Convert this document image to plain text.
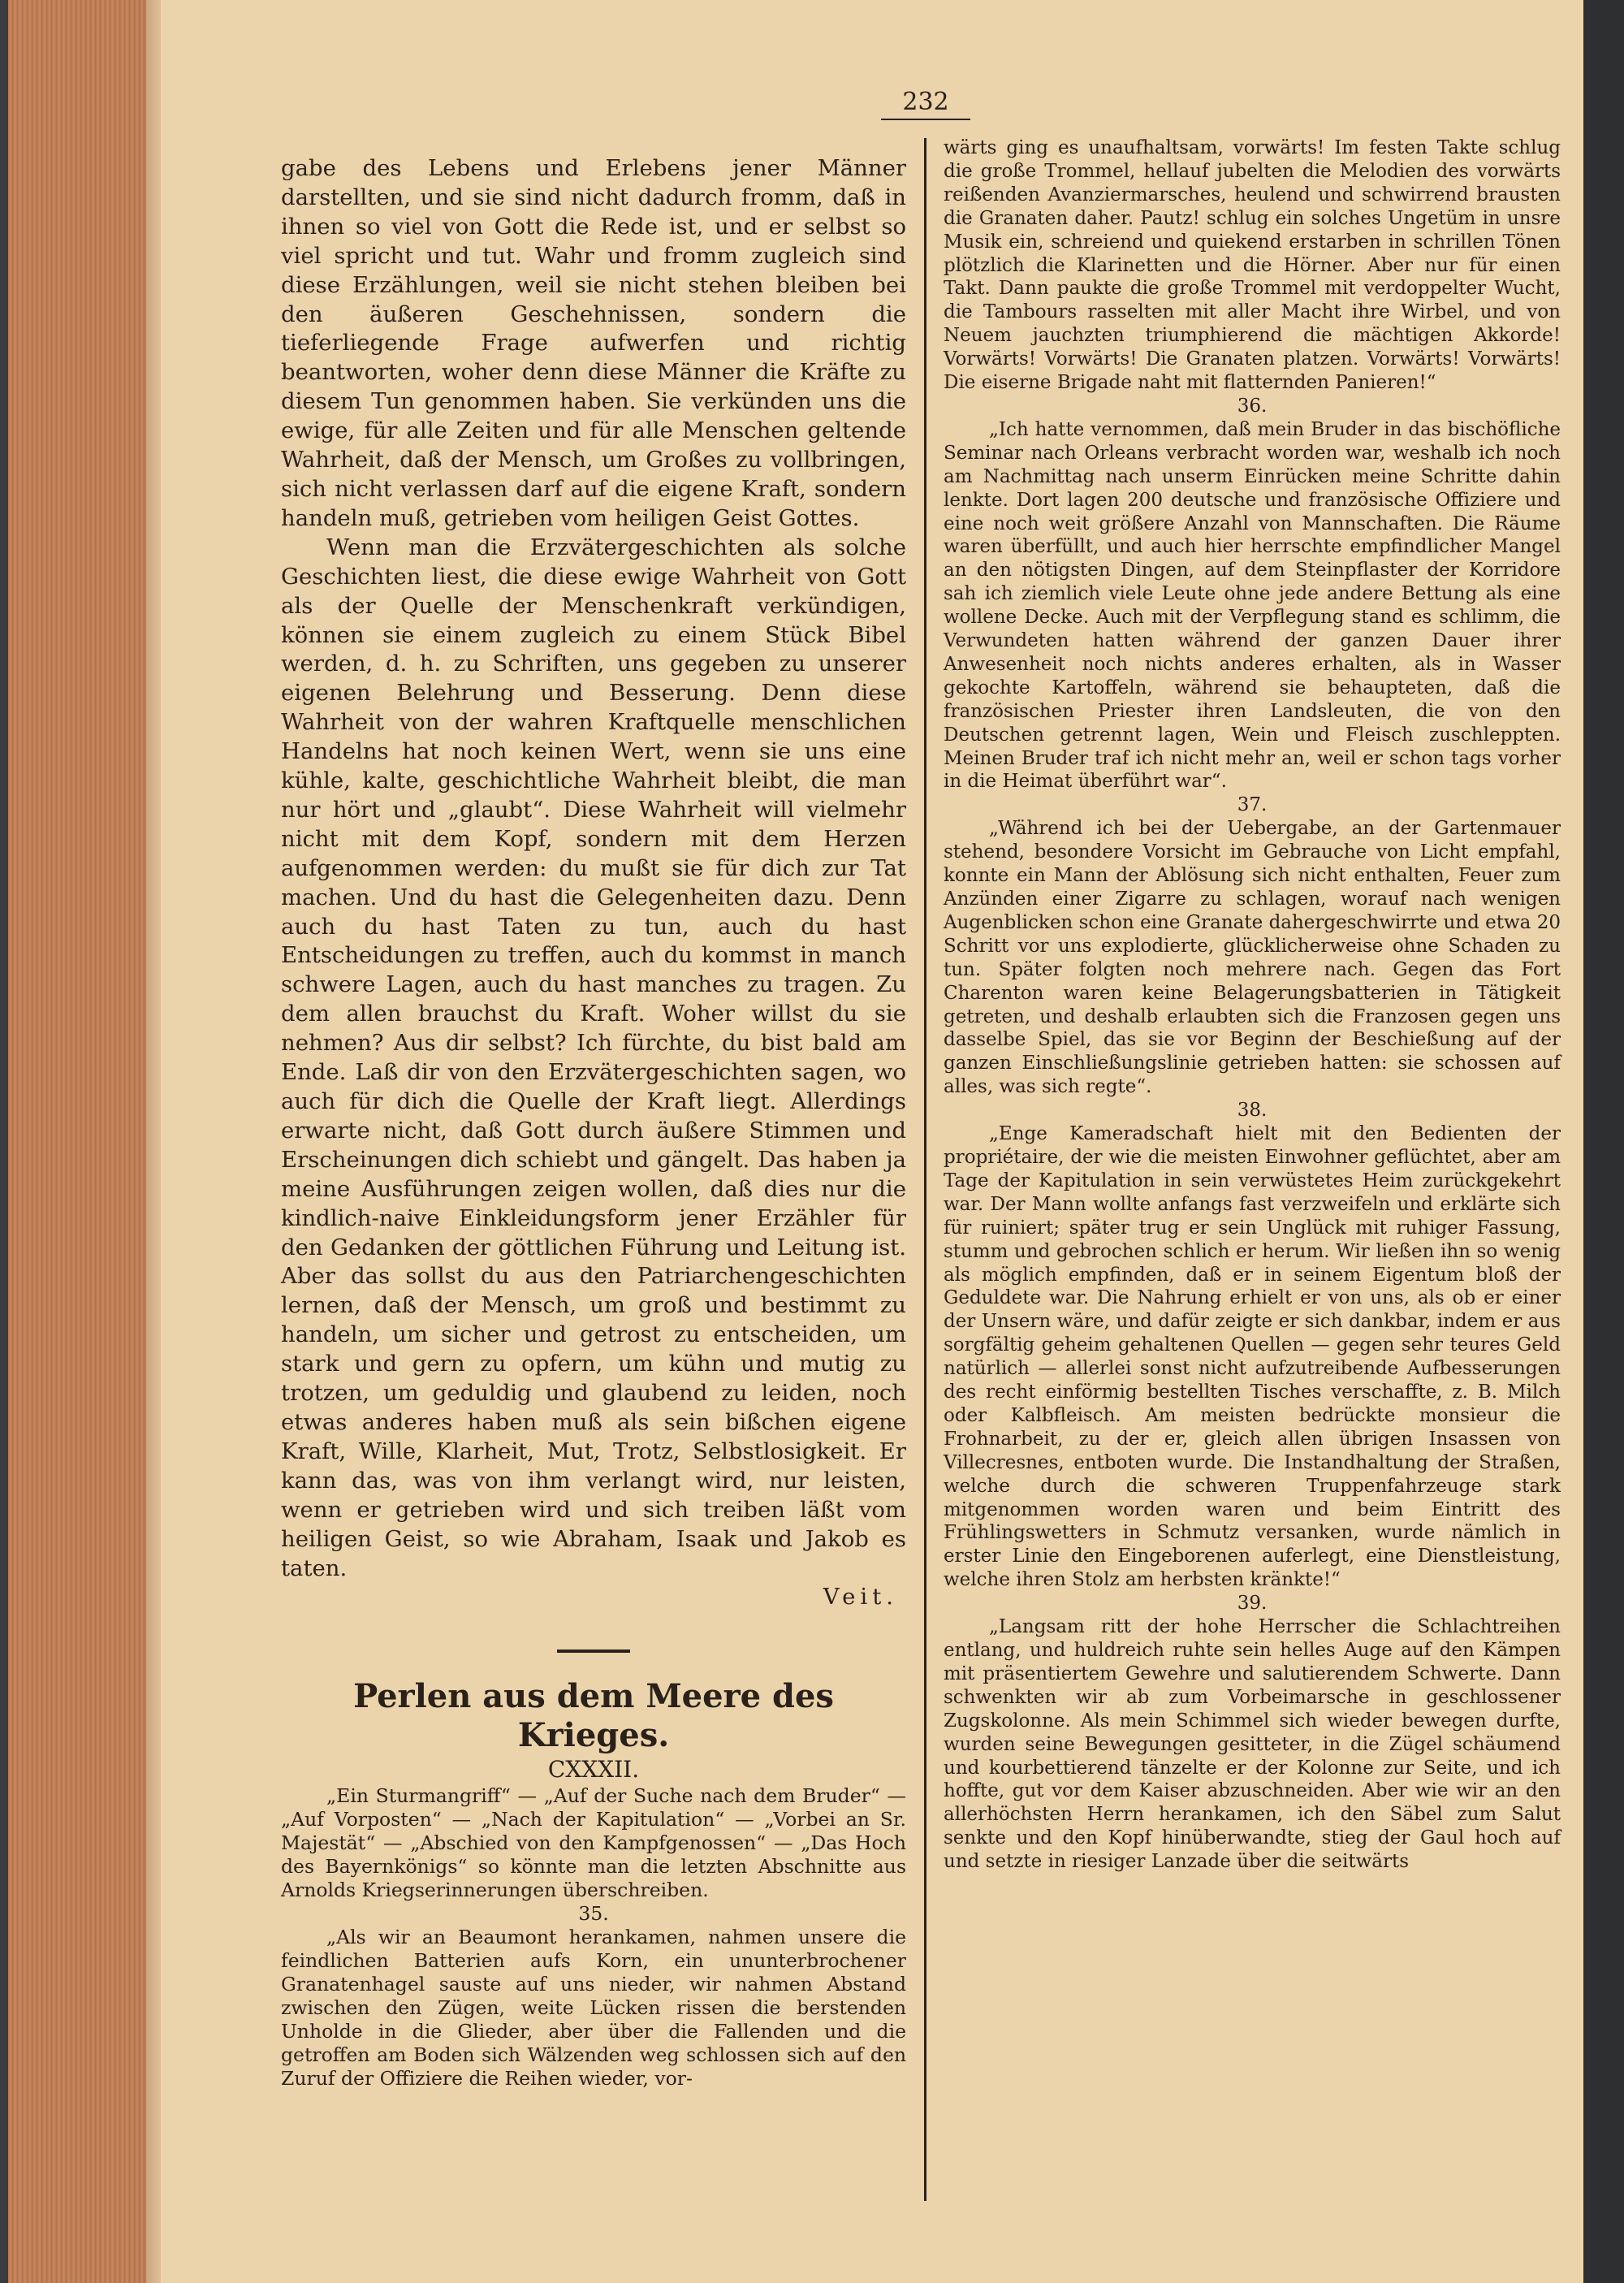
232

gabe des Lebens und Erlebens jener Männer darstellten, und sie sind nicht dadurch fromm, daß in ihnen so viel von Gott die Rede ist, und er selbst so viel spricht und tut. Wahr und fromm zugleich sind diese Erzählungen, weil sie nicht stehen bleiben bei den äußeren Geschehnissen, sondern die tieferliegende Frage aufwerfen und richtig beantworten, woher denn diese Männer die Kräfte zu diesem Tun genommen haben. Sie verkünden uns die ewige, für alle Zeiten und für alle Menschen geltende Wahrheit, daß der Mensch, um Großes zu vollbringen, sich nicht verlassen darf auf die eigene Kraft, sondern handeln muß, getrieben vom heiligen Geist Gottes.

Wenn man die Erzvätergeschichten als solche Geschichten liest, die diese ewige Wahrheit von Gott als der Quelle der Menschenkraft verkündigen, können sie einem zugleich zu einem Stück Bibel werden, d. h. zu Schriften, uns gegeben zu unserer eigenen Belehrung und Besserung. Denn diese Wahrheit von der wahren Kraftquelle menschlichen Handelns hat noch keinen Wert, wenn sie uns eine kühle, kalte, geschichtliche Wahrheit bleibt, die man nur hört und „glaubt“. Diese Wahrheit will vielmehr nicht mit dem Kopf, sondern mit dem Herzen aufgenommen werden: du mußt sie für dich zur Tat machen. Und du hast die Gelegenheiten dazu. Denn auch du hast Taten zu tun, auch du hast Entscheidungen zu treffen, auch du kommst in manch schwere Lagen, auch du hast manches zu tragen. Zu dem allen brauchst du Kraft. Woher willst du sie nehmen? Aus dir selbst? Ich fürchte, du bist bald am Ende. Laß dir von den Erzvätergeschichten sagen, wo auch für dich die Quelle der Kraft liegt. Allerdings erwarte nicht, daß Gott durch äußere Stimmen und Erscheinungen dich schiebt und gängelt. Das haben ja meine Ausführungen zeigen wollen, daß dies nur die kindlich-naive Einkleidungsform jener Erzähler für den Gedanken der göttlichen Führung und Leitung ist. Aber das sollst du aus den Patriarchengeschichten lernen, daß der Mensch, um groß und bestimmt zu handeln, um sicher und getrost zu entscheiden, um stark und gern zu opfern, um kühn und mutig zu trotzen, um geduldig und glaubend zu leiden, noch etwas anderes haben muß als sein bißchen eigene Kraft, Wille, Klarheit, Mut, Trotz, Selbstlosigkeit. Er kann das, was von ihm verlangt wird, nur leisten, wenn er getrieben wird und sich treiben läßt vom heiligen Geist, so wie Abraham, Isaak und Jakob es taten.

Veit.

Perlen aus dem Meere des Krieges.

CXXXII.

„Ein Sturmangriff“ — „Auf der Suche nach dem Bruder“ — „Auf Vorposten“ — „Nach der Kapitulation“ — „Vorbei an Sr. Majestät“ — „Abschied von den Kampfgenossen“ — „Das Hoch des Bayernkönigs“ so könnte man die letzten Abschnitte aus Arnolds Kriegserinnerungen überschreiben.

35.

„Als wir an Beaumont herankamen, nahmen unsere die feindlichen Batterien aufs Korn, ein ununterbrochener Granatenhagel sauste auf uns nieder, wir nahmen Abstand zwischen den Zügen, weite Lücken rissen die berstenden Unholde in die Glieder, aber über die Fallenden und die getroffen am Boden sich Wälzenden weg schlossen sich auf den Zuruf der Offiziere die Reihen wieder, vor-

wärts ging es unaufhaltsam, vorwärts! Im festen Takte schlug die große Trommel, hellauf jubelten die Melodien des vorwärts reißenden Avanziermarsches, heulend und schwirrend brausten die Granaten daher. Pautz! schlug ein solches Ungetüm in unsre Musik ein, schreiend und quiekend erstarben in schrillen Tönen plötzlich die Klarinetten und die Hörner. Aber nur für einen Takt. Dann paukte die große Trommel mit verdoppelter Wucht, die Tambours rasselten mit aller Macht ihre Wirbel, und von Neuem jauchzten triumphierend die mächtigen Akkorde! Vorwärts! Vorwärts! Die Granaten platzen. Vorwärts! Vorwärts! Die eiserne Brigade naht mit flatternden Panieren!“

36.

„Ich hatte vernommen, daß mein Bruder in das bischöfliche Seminar nach Orleans verbracht worden war, weshalb ich noch am Nachmittag nach unserm Einrücken meine Schritte dahin lenkte. Dort lagen 200 deutsche und französische Offiziere und eine noch weit größere Anzahl von Mannschaften. Die Räume waren überfüllt, und auch hier herrschte empfindlicher Mangel an den nötigsten Dingen, auf dem Steinpflaster der Korridore sah ich ziemlich viele Leute ohne jede andere Bettung als eine wollene Decke. Auch mit der Verpflegung stand es schlimm, die Verwundeten hatten während der ganzen Dauer ihrer Anwesenheit noch nichts anderes erhalten, als in Wasser gekochte Kartoffeln, während sie behaupteten, daß die französischen Priester ihren Landsleuten, die von den Deutschen getrennt lagen, Wein und Fleisch zuschleppten. Meinen Bruder traf ich nicht mehr an, weil er schon tags vorher in die Heimat überführt war“.

37.

„Während ich bei der Uebergabe, an der Gartenmauer stehend, besondere Vorsicht im Gebrauche von Licht empfahl, konnte ein Mann der Ablösung sich nicht enthalten, Feuer zum Anzünden einer Zigarre zu schlagen, worauf nach wenigen Augenblicken schon eine Granate dahergeschwirrte und etwa 20 Schritt vor uns explodierte, glücklicherweise ohne Schaden zu tun. Später folgten noch mehrere nach. Gegen das Fort Charenton waren keine Belagerungsbatterien in Tätigkeit getreten, und deshalb erlaubten sich die Franzosen gegen uns dasselbe Spiel, das sie vor Beginn der Beschießung auf der ganzen Einschließungslinie getrieben hatten: sie schossen auf alles, was sich regte“.

38.

„Enge Kameradschaft hielt mit den Bedienten der propriétaire, der wie die meisten Einwohner geflüchtet, aber am Tage der Kapitulation in sein verwüstetes Heim zurückgekehrt war. Der Mann wollte anfangs fast verzweifeln und erklärte sich für ruiniert; später trug er sein Unglück mit ruhiger Fassung, stumm und gebrochen schlich er herum. Wir ließen ihn so wenig als möglich empfinden, daß er in seinem Eigentum bloß der Geduldete war. Die Nahrung erhielt er von uns, als ob er einer der Unsern wäre, und dafür zeigte er sich dankbar, indem er aus sorgfältig geheim gehaltenen Quellen — gegen sehr teures Geld natürlich — allerlei sonst nicht aufzutreibende Aufbesserungen des recht einförmig bestellten Tisches verschaffte, z. B. Milch oder Kalbfleisch. Am meisten bedrückte monsieur die Frohnarbeit, zu der er, gleich allen übrigen Insassen von Villecresnes, entboten wurde. Die Instandhaltung der Straßen, welche durch die schweren Truppenfahrzeuge stark mitgenommen worden waren und beim Eintritt des Frühlingswetters in Schmutz versanken, wurde nämlich in erster Linie den Eingeborenen auferlegt, eine Dienstleistung, welche ihren Stolz am herbsten kränkte!“

39.

„Langsam ritt der hohe Herrscher die Schlachtreihen entlang, und huldreich ruhte sein helles Auge auf den Kämpen mit präsentiertem Gewehre und salutierendem Schwerte. Dann schwenkten wir ab zum Vorbeimarsche in geschlossener Zugskolonne. Als mein Schimmel sich wieder bewegen durfte, wurden seine Bewegungen gesitteter, in die Zügel schäumend und kourbettierend tänzelte er der Kolonne zur Seite, und ich hoffte, gut vor dem Kaiser abzuschneiden. Aber wie wir an den allerhöchsten Herrn herankamen, ich den Säbel zum Salut senkte und den Kopf hinüberwandte, stieg der Gaul hoch auf und setzte in riesiger Lanzade über die seitwärts
